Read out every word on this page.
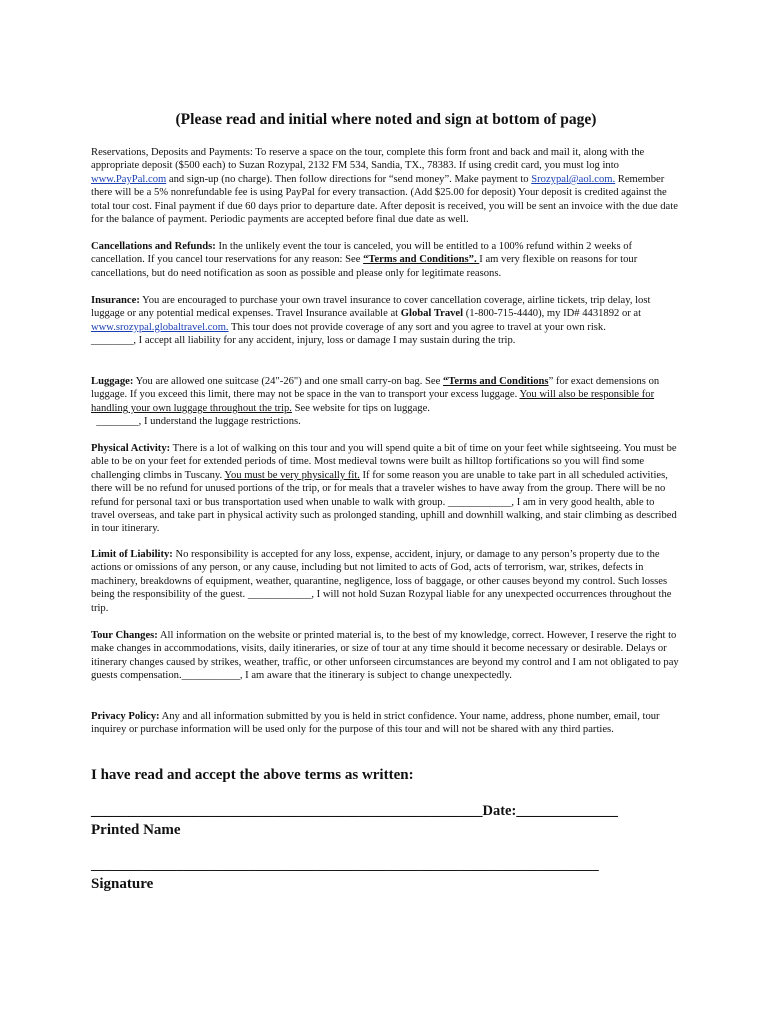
(Please read and initial where noted and sign at bottom of page)

Reservations, Deposits and Payments: To reserve a space on the tour, complete this form front and back and mail it, along with the appropriate deposit ($500 each) to Suzan Rozypal, 2132 FM 534, Sandia, TX., 78383. If using credit card, you must log into www.PayPal.com and sign-up (no charge). Then follow directions for “send money”. Make payment to Srozypal@aol.com. Remember there will be a 5% nonrefundable fee is using PayPal for every transaction. (Add $25.00 for deposit) Your deposit is credited against the total tour cost. Final payment if due 60 days prior to departure date. After deposit is received, you will be sent an invoice with the due date for the balance of payment. Periodic payments are accepted before final due date as well.

Cancellations and Refunds: In the unlikely event the tour is canceled, you will be entitled to a 100% refund within 2 weeks of cancellation. If you cancel tour reservations for any reason: See “Terms and Conditions”. I am very flexible on reasons for tour cancellations, but do need notification as soon as possible and please only for legitimate reasons.

Insurance: You are encouraged to purchase your own travel insurance to cover cancellation coverage, airline tickets, trip delay, lost luggage or any potential medical expenses. Travel Insurance available at Global Travel (1-800-715-4440), my ID# 4431892 or at www.srozypal.globaltravel.com. This tour does not provide coverage of any sort and you agree to travel at your own risk.
________, I accept all liability for any accident, injury, loss or damage I may sustain during the trip.

Luggage: You are allowed one suitcase (24"-26") and one small carry-on bag. See “Terms and Conditions” for exact demensions on luggage. If you exceed this limit, there may not be space in the van to transport your excess luggage. You will also be responsible for handling your own luggage throughout the trip. See website for tips on luggage.
________, I understand the luggage restrictions.

Physical Activity: There is a lot of walking on this tour and you will spend quite a bit of time on your feet while sightseeing. You must be able to be on your feet for extended periods of time. Most medieval towns were built as hilltop fortifications so you will find some challenging climbs in Tuscany. You must be very physically fit. If for some reason you are unable to take part in all scheduled activities, there will be no refund for unused portions of the trip, or for meals that a traveler wishes to have away from the group. There will be no refund for personal taxi or bus transportation used when unable to walk with group. ____________, I am in very good health, able to travel overseas, and take part in physical activity such as prolonged standing, uphill and downhill walking, and stair climbing as described in tour itinerary.

Limit of Liability: No responsibility is accepted for any loss, expense, accident, injury, or damage to any person’s property due to the actions or omissions of any person, or any cause, including but not limited to acts of God, acts of terrorism, war, strikes, defects in machinery, breakdowns of equipment, weather, quarantine, negligence, loss of baggage, or other causes beyond my control. Such losses being the responsibility of the guest. ____________, I will not hold Suzan Rozypal liable for any unexpected occurrences throughout the trip.

Tour Changes: All information on the website or printed material is, to the best of my knowledge, correct. However, I reserve the right to make changes in accommodations, visits, daily itineraries, or size of tour at any time should it become necessary or desirable. Delays or itinerary changes caused by strikes, weather, traffic, or other unforseen circumstances are beyond my control and I am not obligated to pay guests compensation.___________, I am aware that the itinerary is subject to change unexpectedly.

Privacy Policy: Any and all information submitted by you is held in strict confidence. Your name, address, phone number, email, tour inquirey or purchase information will be used only for the purpose of this tour and will not be shared with any third parties.

I have read and accept the above terms as written:
______________________________________________________Date:______________
Printed Name
_____________________________________________________________________________
Signature
